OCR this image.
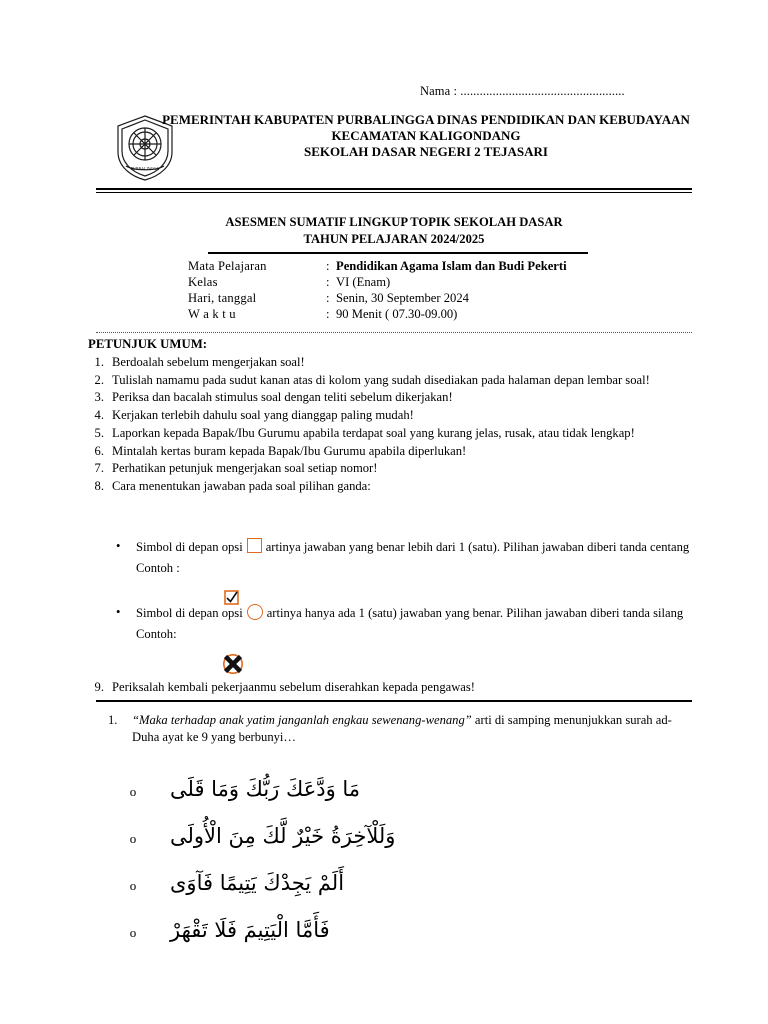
Nama : ...................................................
PURBALINGGA
PEMERINTAH KABUPATEN PURBALINGGA DINAS PENDIDIKAN DAN KEBUDAYAAN
KECAMATAN KALIGONDANG
SEKOLAH DASAR NEGERI 2 TEJASARI
ASESMEN SUMATIF LINGKUP TOPIK SEKOLAH DASAR
TAHUN PELAJARAN 2024/2025
Mata Pelajaran	:	Pendidikan Agama Islam dan Budi Pekerti
Kelas	:	VI (Enam)
Hari, tanggal	:	Senin, 30 September 2024
W a k t u	:	90 Menit ( 07.30-09.00)
PETUNJUK UMUM:
1. Berdoalah sebelum mengerjakan soal!
2. Tulislah namamu pada sudut kanan atas di kolom yang sudah disediakan pada halaman depan lembar soal!
3. Periksa dan bacalah stimulus soal dengan teliti sebelum dikerjakan!
4. Kerjakan terlebih dahulu soal yang dianggap paling mudah!
5. Laporkan kepada Bapak/Ibu Gurumu apabila terdapat soal yang kurang jelas, rusak, atau tidak lengkap!
6. Mintalah kertas buram kepada Bapak/Ibu Gurumu apabila diperlukan!
7. Perhatikan petunjuk mengerjakan soal setiap nomor!
8. Cara menentukan jawaban pada soal pilihan ganda:
•	Simbol di depan opsi artinya jawaban yang benar lebih dari 1 (satu). Pilihan jawaban diberi tanda centang
Contoh :
•	Simbol di depan opsi artinya hanya ada 1 (satu) jawaban yang benar. Pilihan jawaban diberi tanda silang
Contoh:
9. Periksalah kembali pekerjaanmu sebelum diserahkan kepada pengawas!
1.	“Maka terhadap anak yatim janganlah engkau sewenang-wenang” arti di samping menunjukkan surah ad-Duha ayat ke 9 yang berbunyi…
o	مَا وَدَّعَكَ رَبُّكَ وَمَا قَلَى
o	وَلَلْآخِرَةُ خَيْرٌ لَّكَ مِنَ الْأُولَى
o	أَلَمْ يَجِدْكَ يَتِيمًا فَآوَى
o	فَأَمَّا الْيَتِيمَ فَلَا تَقْهَرْ
